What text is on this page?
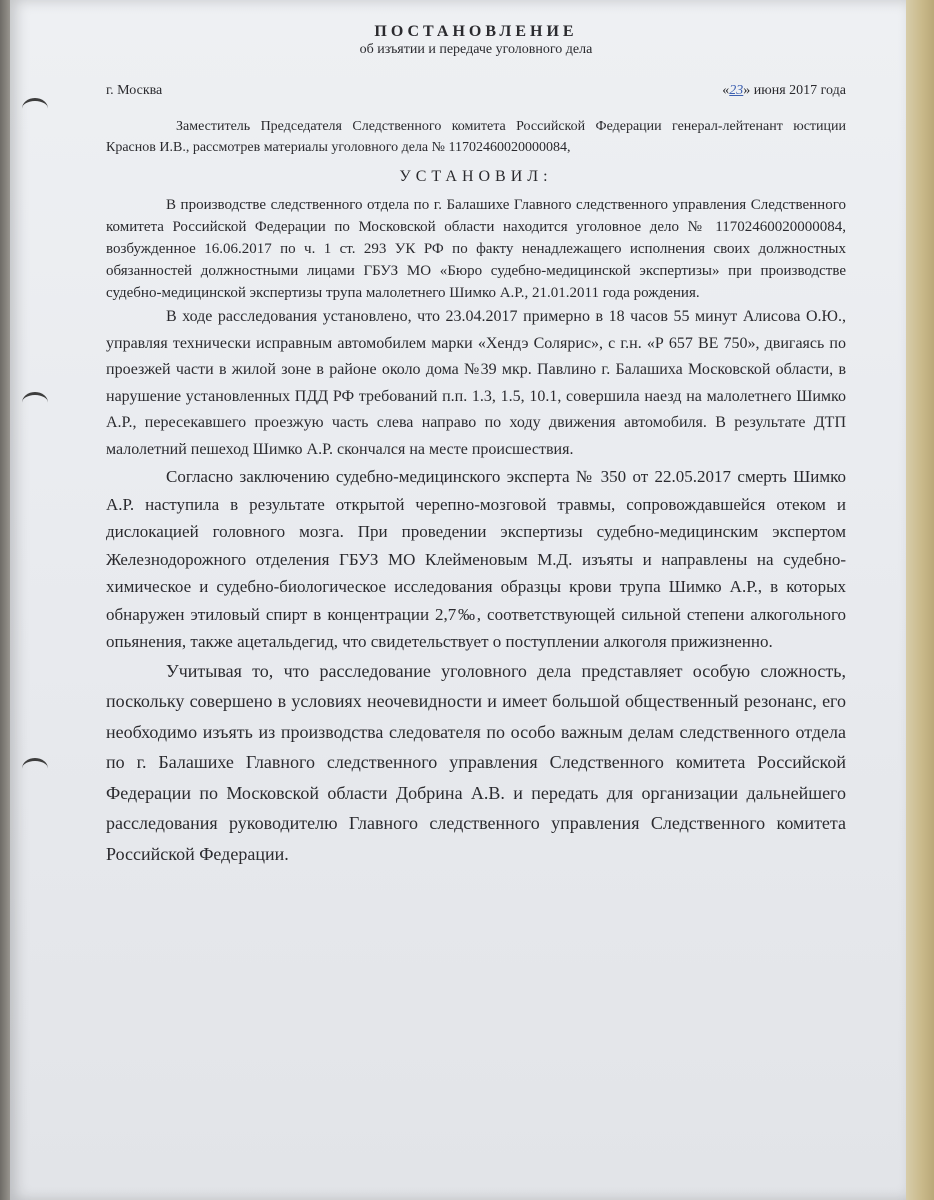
ПОСТАНОВЛЕНИЕ

об изъятии и передаче уголовного дела

г. Москва	«23» июня 2017 года

Заместитель Председателя Следственного комитета Российской Федерации генерал-лейтенант юстиции Краснов И.В., рассмотрев материалы уголовного дела № 11702460020000084,

УСТАНОВИЛ:

В производстве следственного отдела по г. Балашихе Главного следственного управления Следственного комитета Российской Федерации по Московской области находится уголовное дело № 11702460020000084, возбужденное 16.06.2017 по ч. 1 ст. 293 УК РФ по факту ненадлежащего исполнения своих должностных обязанностей должностными лицами ГБУЗ МО «Бюро судебно-медицинской экспертизы» при производстве судебно-медицинской экспертизы трупа малолетнего Шимко А.Р., 21.01.2011 года рождения.

В ходе расследования установлено, что 23.04.2017 примерно в 18 часов 55 минут Алисова О.Ю., управляя технически исправным автомобилем марки «Хендэ Солярис», с г.н. «Р 657 ВЕ 750», двигаясь по проезжей части в жилой зоне в районе около дома №39 мкр. Павлино г. Балашиха Московской области, в нарушение установленных ПДД РФ требований п.п. 1.3, 1.5, 10.1, совершила наезд на малолетнего Шимко А.Р., пересекавшего проезжую часть слева направо по ходу движения автомобиля. В результате ДТП малолетний пешеход Шимко А.Р. скончался на месте происшествия.

Согласно заключению судебно-медицинского эксперта № 350 от 22.05.2017 смерть Шимко А.Р. наступила в результате открытой черепно-мозговой травмы, сопровождавшейся отеком и дислокацией головного мозга. При проведении экспертизы судебно-медицинским экспертом Железнодорожного отделения ГБУЗ МО Клейменовым М.Д. изъяты и направлены на судебно-химическое и судебно-биологическое исследования образцы крови трупа Шимко А.Р., в которых обнаружен этиловый спирт в концентрации 2,7‰, соответствующей сильной степени алкогольного опьянения, также ацетальдегид, что свидетельствует о поступлении алкоголя прижизненно.

Учитывая то, что расследование уголовного дела представляет особую сложность, поскольку совершено в условиях неочевидности и имеет большой общественный резонанс, его необходимо изъять из производства следователя по особо важным делам следственного отдела по г. Балашихе Главного следственного управления Следственного комитета Российской Федерации по Московской области Добрина А.В. и передать для организации дальнейшего расследования руководителю Главного следственного управления Следственного комитета Российской Федерации.
